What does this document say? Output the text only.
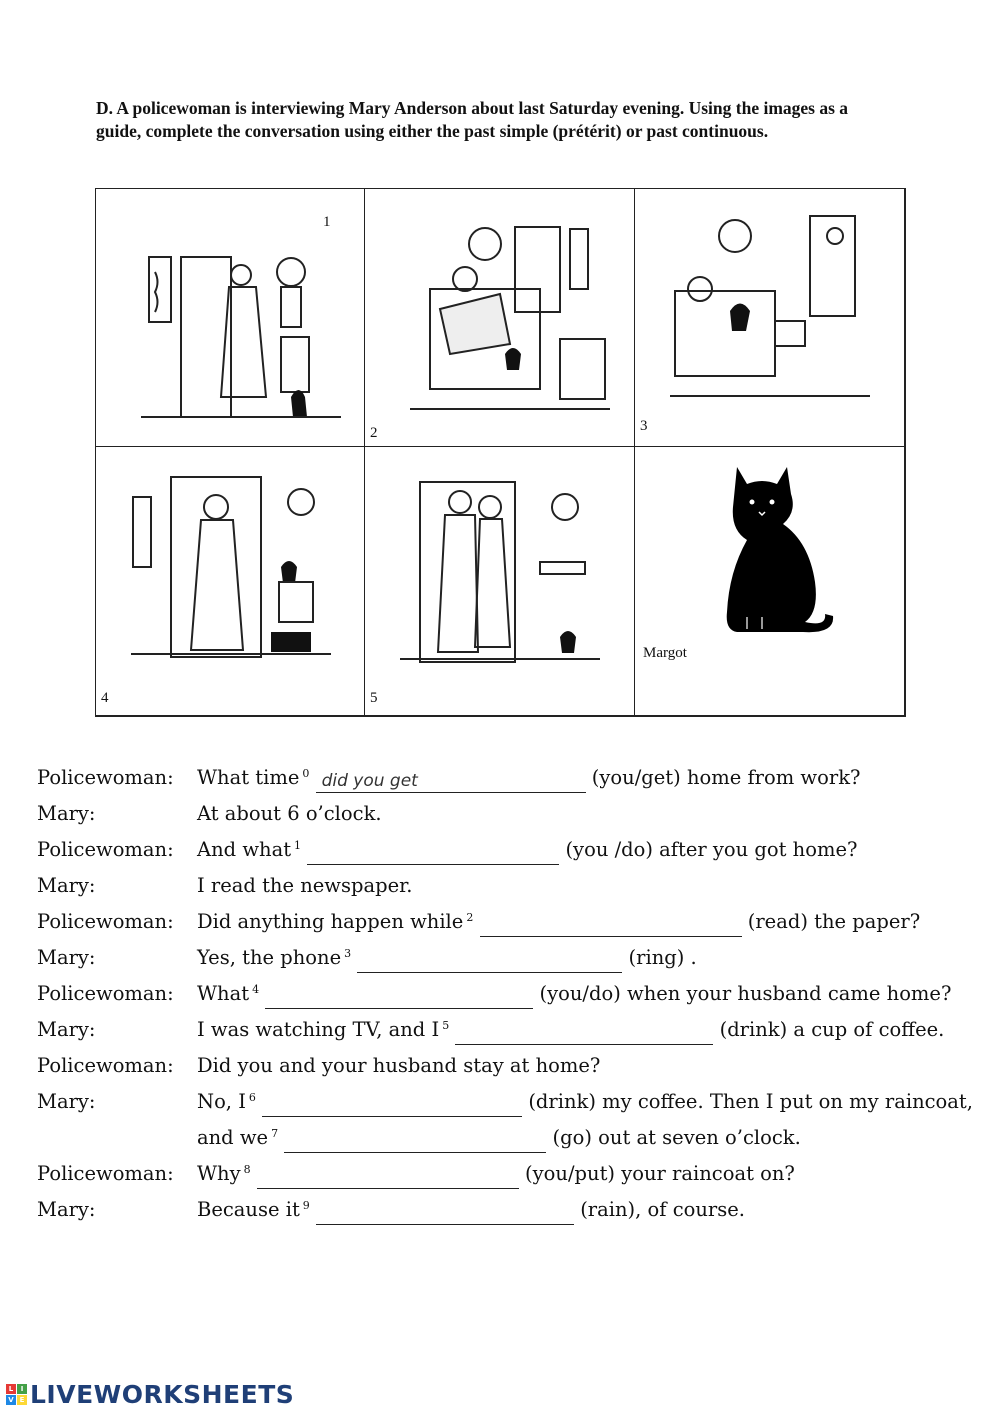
D. A policewoman is interviewing Mary Anderson about last Saturday evening. Using the images as a guide, complete the conversation using either the past simple (prétérit) or past continuous.
1
2	3
4	5
Margot
Policewoman: What time $^0$ did you get	(you/get) home from work?
Mary:	At about 6 o’clock.
Policewoman: And what $^1$	(you /do) after you got home?
Mary:	I read the newspaper.
Policewoman: Did anything happen while $^2$	(read) the paper?
Mary:	Yes, the phone $^3$	(ring) .
Policewoman: What $^4$	(you/do) when your husband came home?
Mary:	I was watching TV, and I $^5$	(drink) a cup of coffee.
Policewoman: Did you and your husband stay at home?
Mary:	No, I $^6$	(drink) my coffee. Then I put on my raincoat,
and we $^7$	(go) out at seven o’clock.
Policewoman: Why $^8$	(you/put) your raincoat on?
Mary:	Because it $^9$	(rain), of course.
L	I
V E LIVEWORKSHEETS
